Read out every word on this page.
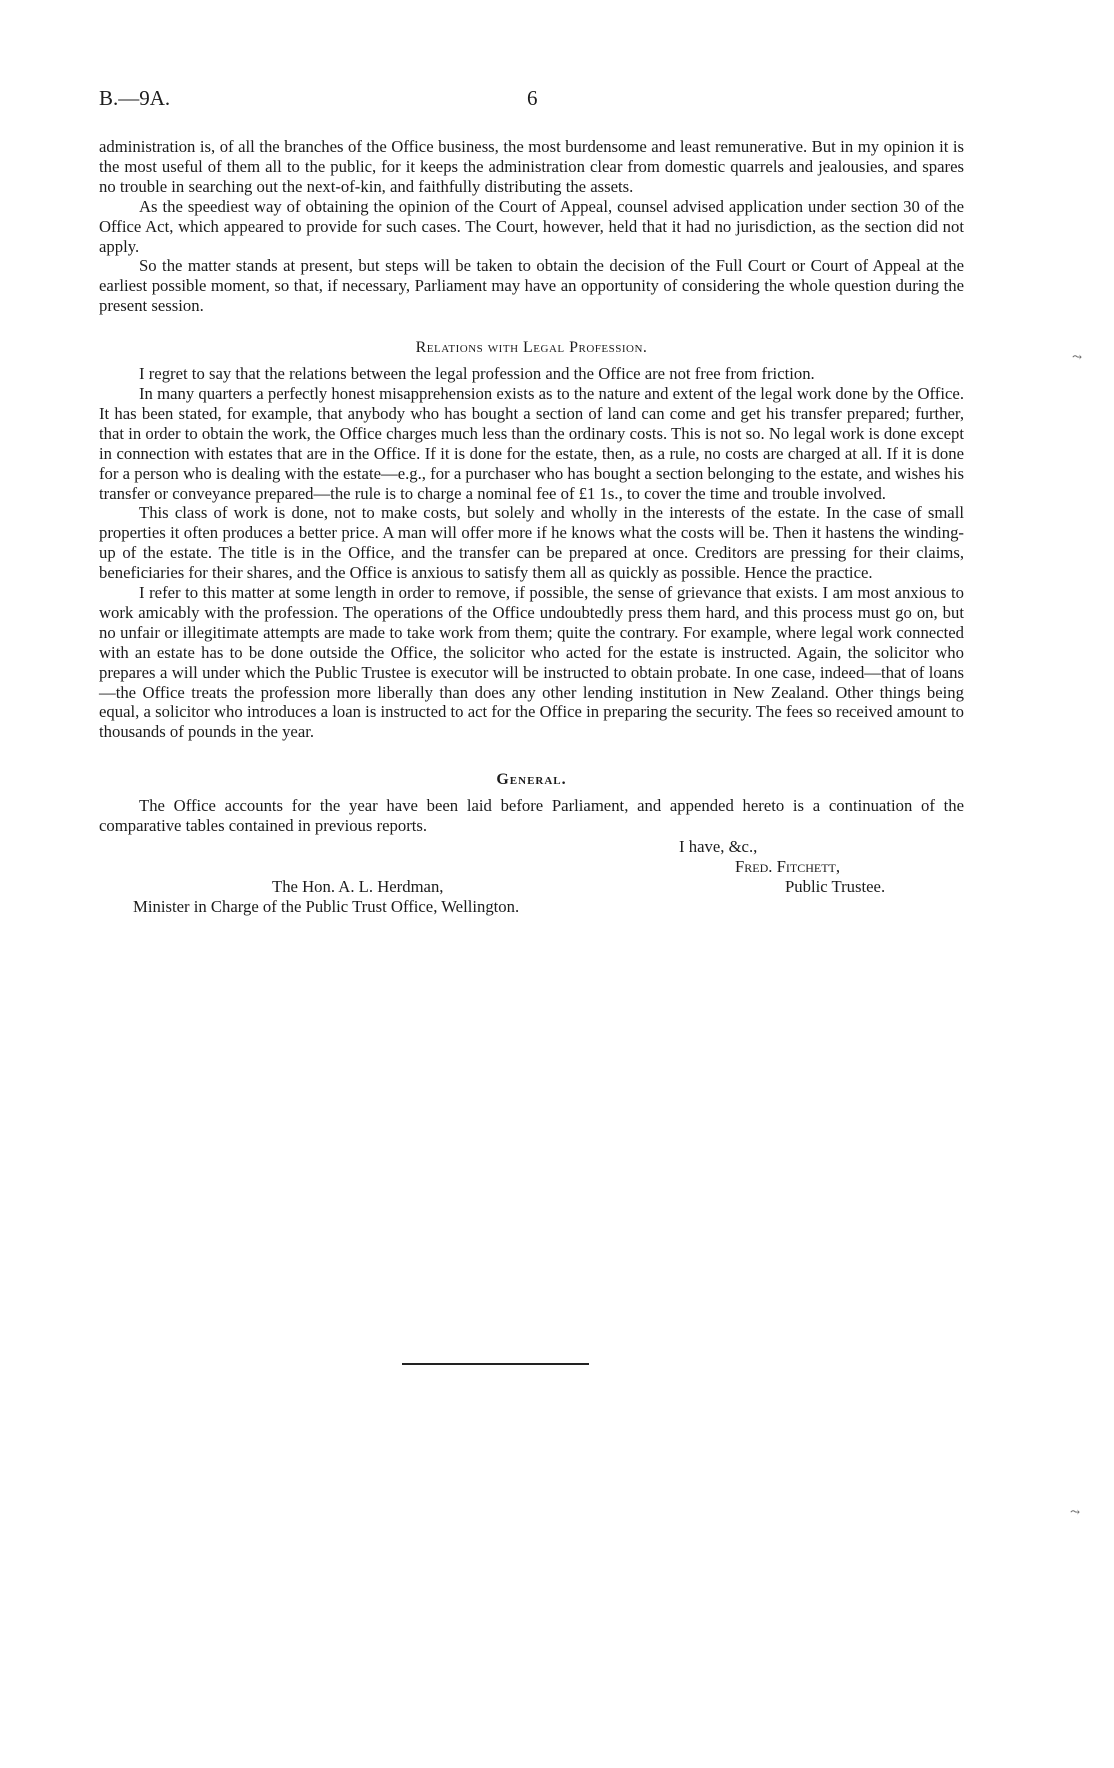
B.—9A.	6

administration is, of all the branches of the Office business, the most burdensome and least remunerative. But in my opinion it is the most useful of them all to the public, for it keeps the administration clear from domestic quarrels and jealousies, and spares no trouble in searching out the next-of-kin, and faithfully distributing the assets.

As the speediest way of obtaining the opinion of the Court of Appeal, counsel advised application under section 30 of the Office Act, which appeared to provide for such cases. The Court, however, held that it had no jurisdiction, as the section did not apply.

So the matter stands at present, but steps will be taken to obtain the decision of the Full Court or Court of Appeal at the earliest possible moment, so that, if necessary, Parliament may have an opportunity of considering the whole question during the present session.

Relations with Legal Profession.

I regret to say that the relations between the legal profession and the Office are not free from friction.

In many quarters a perfectly honest misapprehension exists as to the nature and extent of the legal work done by the Office. It has been stated, for example, that anybody who has bought a section of land can come and get his transfer prepared; further, that in order to obtain the work, the Office charges much less than the ordinary costs. This is not so. No legal work is done except in connection with estates that are in the Office. If it is done for the estate, then, as a rule, no costs are charged at all. If it is done for a person who is dealing with the estate—e.g., for a purchaser who has bought a section belonging to the estate, and wishes his transfer or conveyance prepared—the rule is to charge a nominal fee of £1 1s., to cover the time and trouble involved.

This class of work is done, not to make costs, but solely and wholly in the interests of the estate. In the case of small properties it often produces a better price. A man will offer more if he knows what the costs will be. Then it hastens the winding-up of the estate. The title is in the Office, and the transfer can be prepared at once. Creditors are pressing for their claims, beneficiaries for their shares, and the Office is anxious to satisfy them all as quickly as possible. Hence the practice.

I refer to this matter at some length in order to remove, if possible, the sense of grievance that exists. I am most anxious to work amicably with the profession. The operations of the Office undoubtedly press them hard, and this process must go on, but no unfair or illegitimate attempts are made to take work from them; quite the contrary. For example, where legal work connected with an estate has to be done outside the Office, the solicitor who acted for the estate is instructed. Again, the solicitor who prepares a will under which the Public Trustee is executor will be instructed to obtain probate. In one case, indeed—that of loans—the Office treats the profession more liberally than does any other lending institution in New Zealand. Other things being equal, a solicitor who introduces a loan is instructed to act for the Office in preparing the security. The fees so received amount to thousands of pounds in the year.

General.

The Office accounts for the year have been laid before Parliament, and appended hereto is a continuation of the comparative tables contained in previous reports.

I have, &c.,
Fred. Fitchett,
Public Trustee.
The Hon. A. L. Herdman,
Minister in Charge of the Public Trust Office, Wellington.
⤳
⤳
